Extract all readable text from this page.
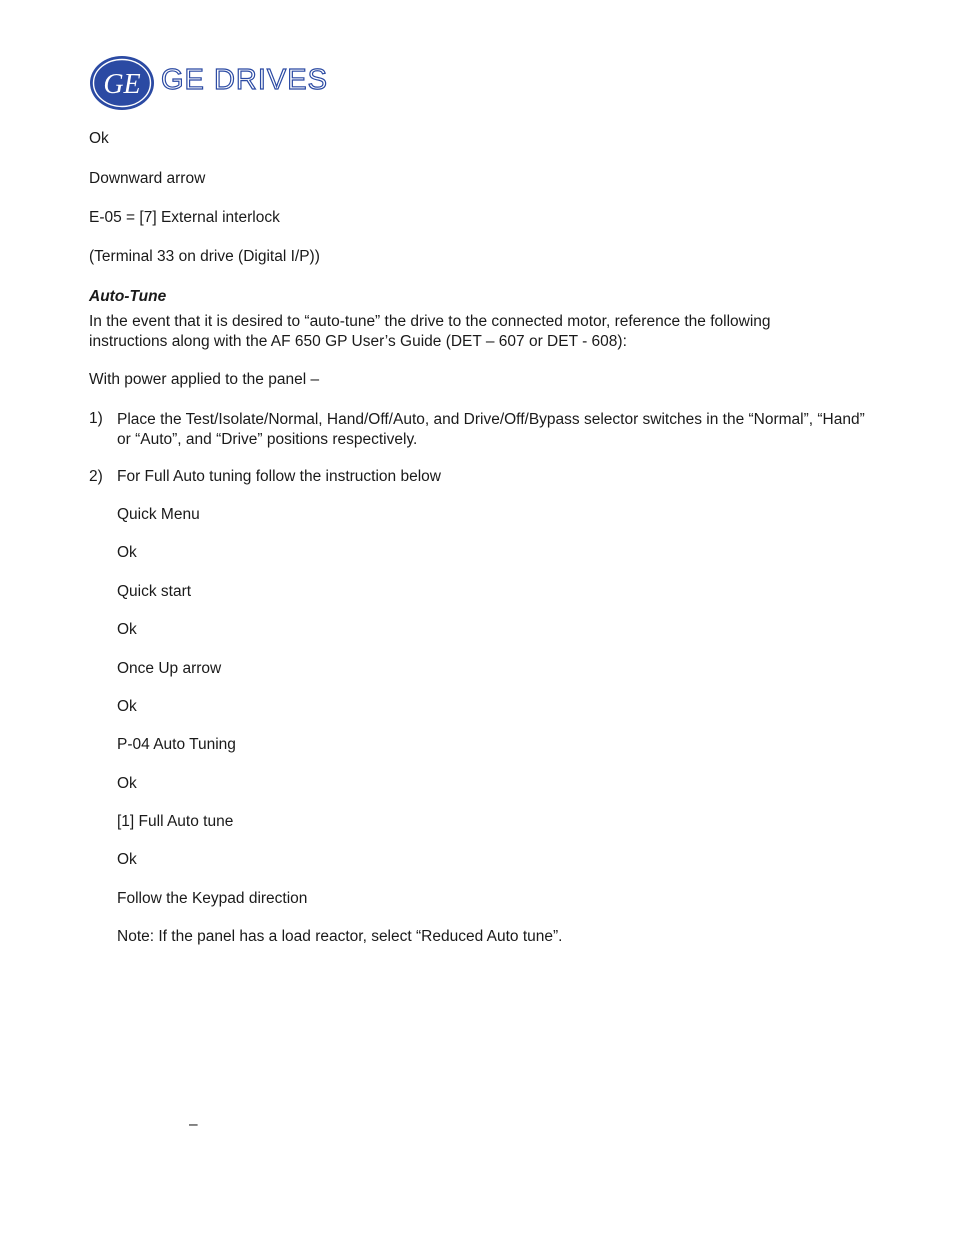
GE GE DRIVES
Ok
Downward arrow
E-05 = [7] External interlock
(Terminal 33 on drive (Digital I/P))
Auto-Tune
In the event that it is desired to “auto-tune” the drive to the connected motor, reference the following instructions along with the AF 650 GP User’s Guide (DET – 607 or DET - 608):
With power applied to the panel –
1) Place the Test/Isolate/Normal, Hand/Off/Auto, and Drive/Off/Bypass selector switches in the “Normal”, “Hand” or “Auto”, and “Drive” positions respectively.
2) For Full Auto tuning follow the instruction below
Quick Menu
Ok
Quick start
Ok
Once Up arrow
Ok
P-04 Auto Tuning
Ok
[1] Full Auto tune
Ok
Follow the Keypad direction
Note: If the panel has a load reactor, select “Reduced Auto tune”.
–
